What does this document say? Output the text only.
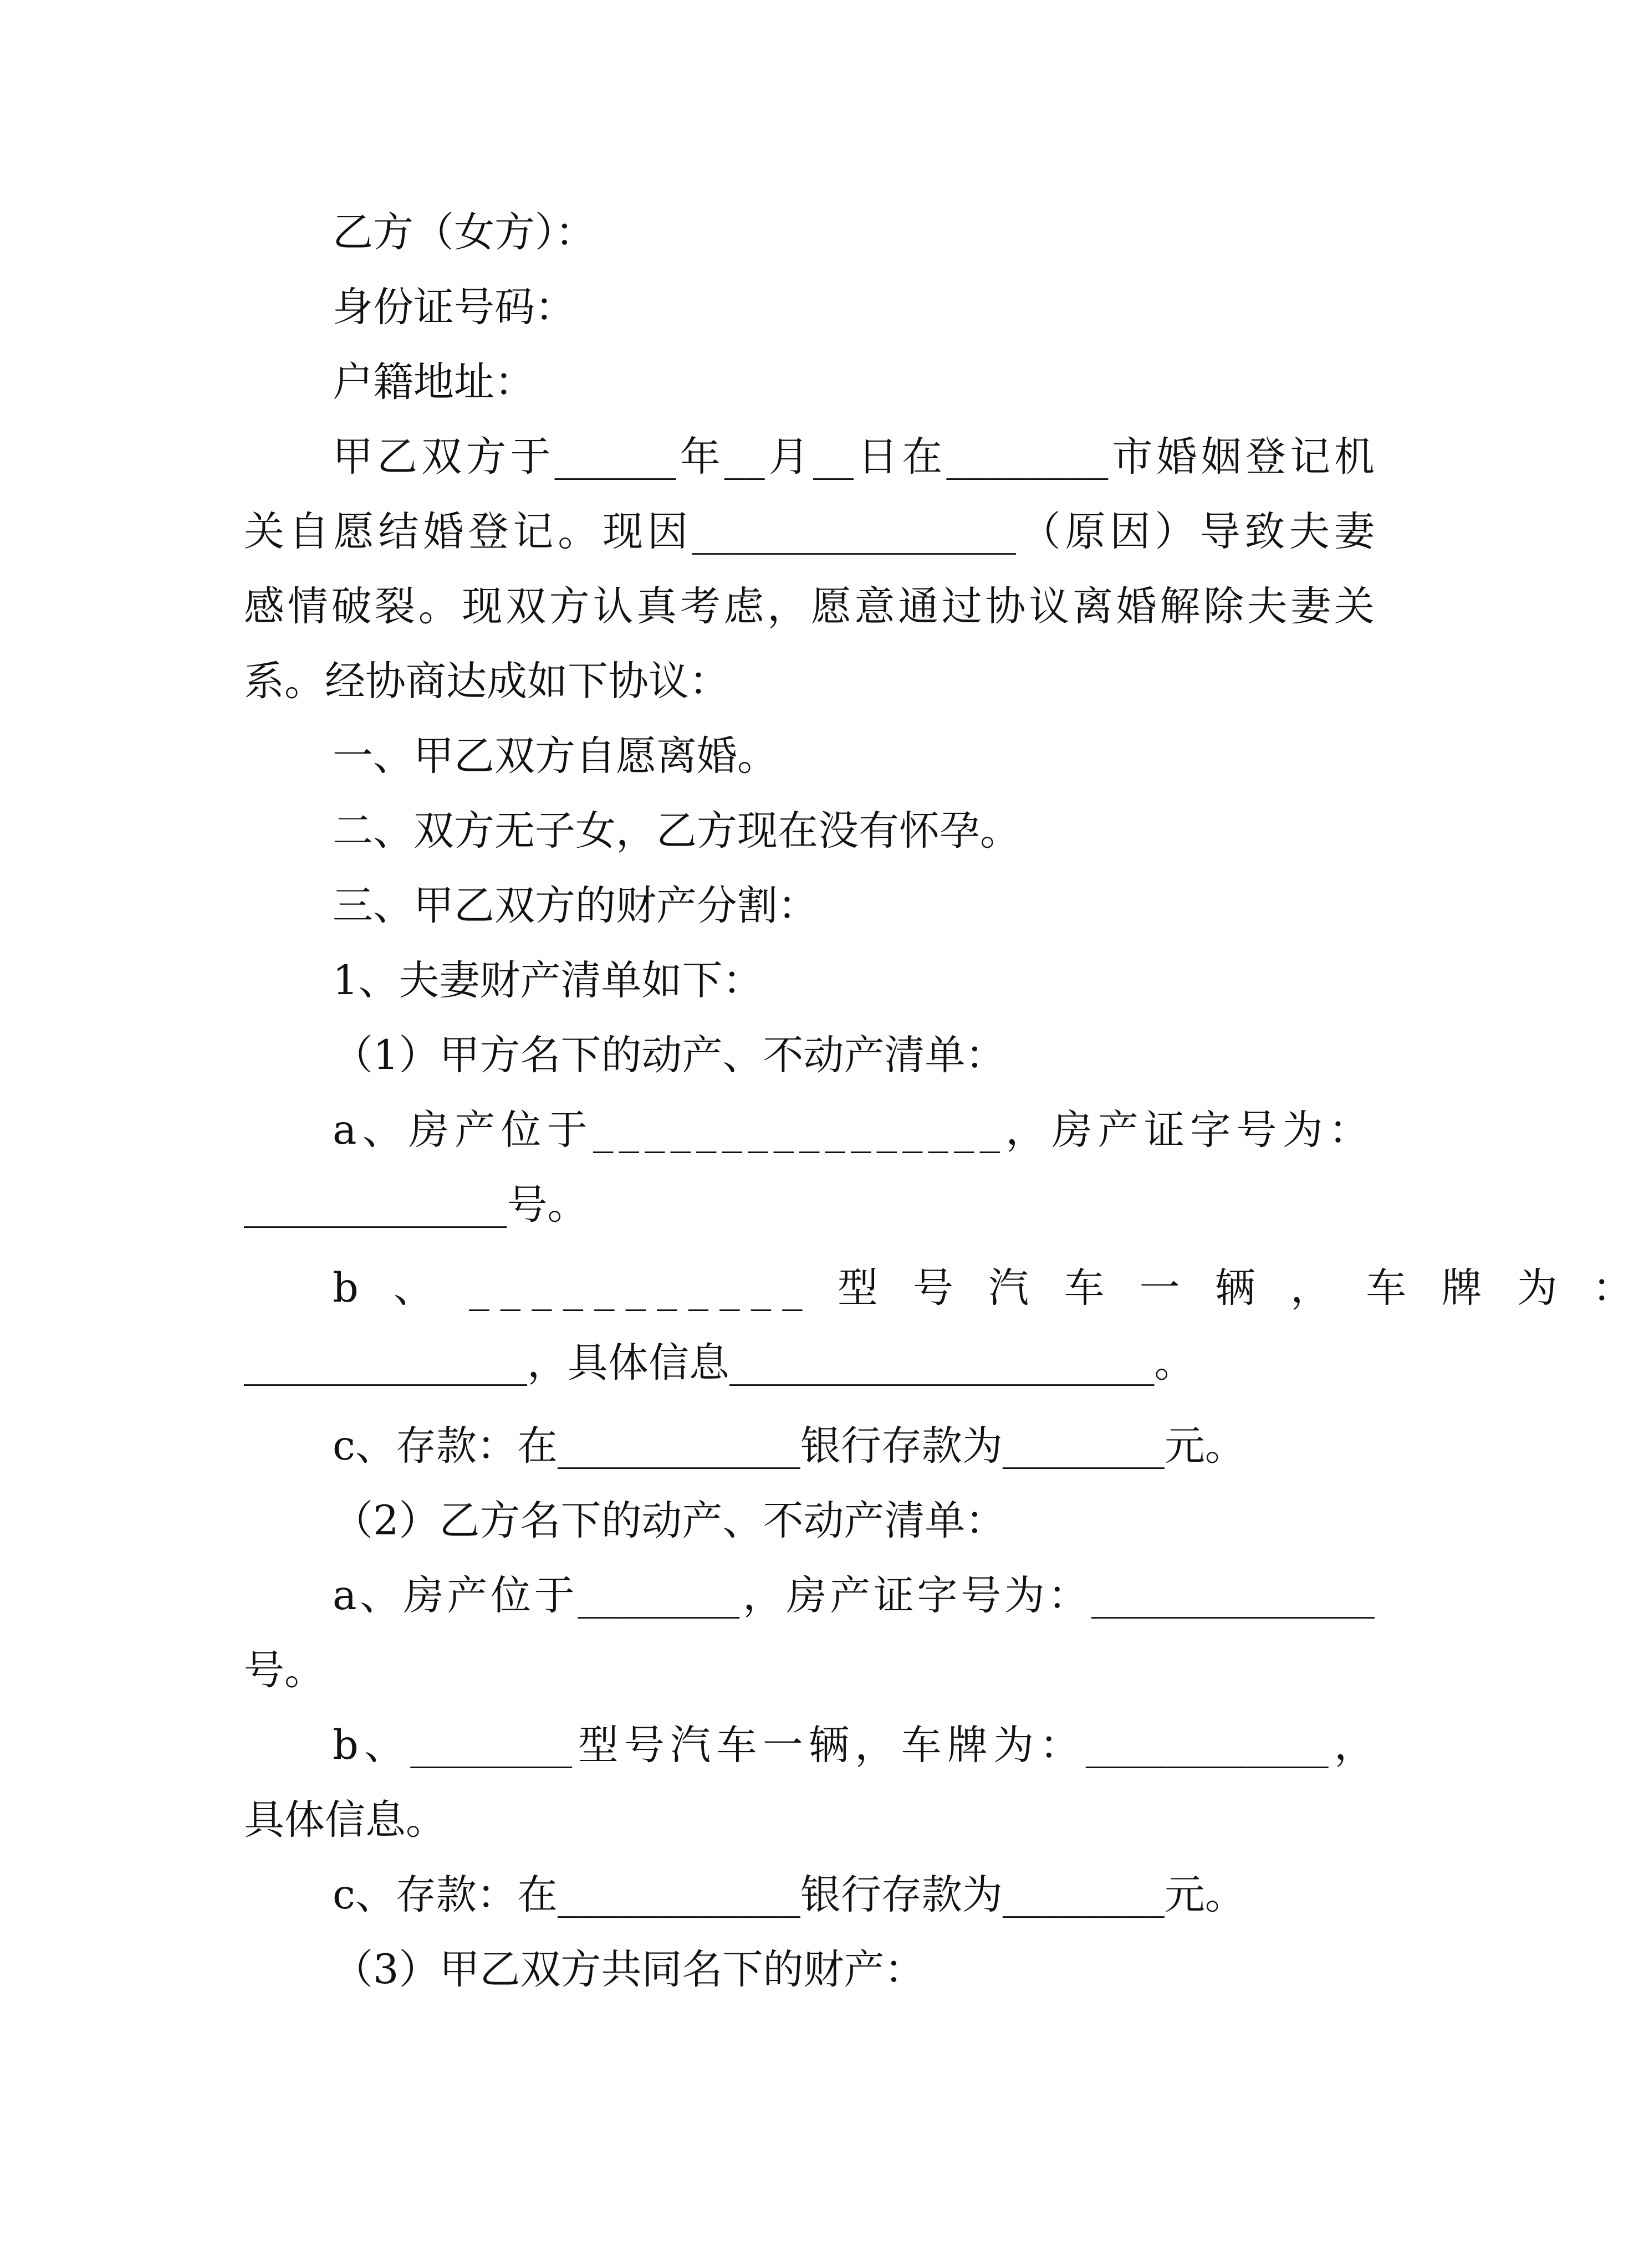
乙方（女方）：
身份证号码：
户籍地址：
甲乙双方于______年__月__日在________市婚姻登记机
关自愿结婚登记。现因________________（原因）导致夫妻
感情破裂。现双方认真考虑，愿意通过协议离婚解除夫妻关
系。经协商达成如下协议：
一、甲乙双方自愿离婚。
二、双方无子女，乙方现在没有怀孕。
三、甲乙双方的财产分割：
1、夫妻财产清单如下：
（1）甲方名下的动产、不动产清单：
a、房产位于________________，房产证字号为：
_____________号。
b 、 ___________ 型 号 汽 车 一 辆 ， 车 牌 为 ：
______________，具体信息_____________________。
c、存款：在____________银行存款为________元。
（2）乙方名下的动产、不动产清单：
a、房产位于________，房产证字号为：______________
号。
b、________型号汽车一辆，车牌为：____________，
具体信息。
c、存款：在____________银行存款为________元。
（3）甲乙双方共同名下的财产：
